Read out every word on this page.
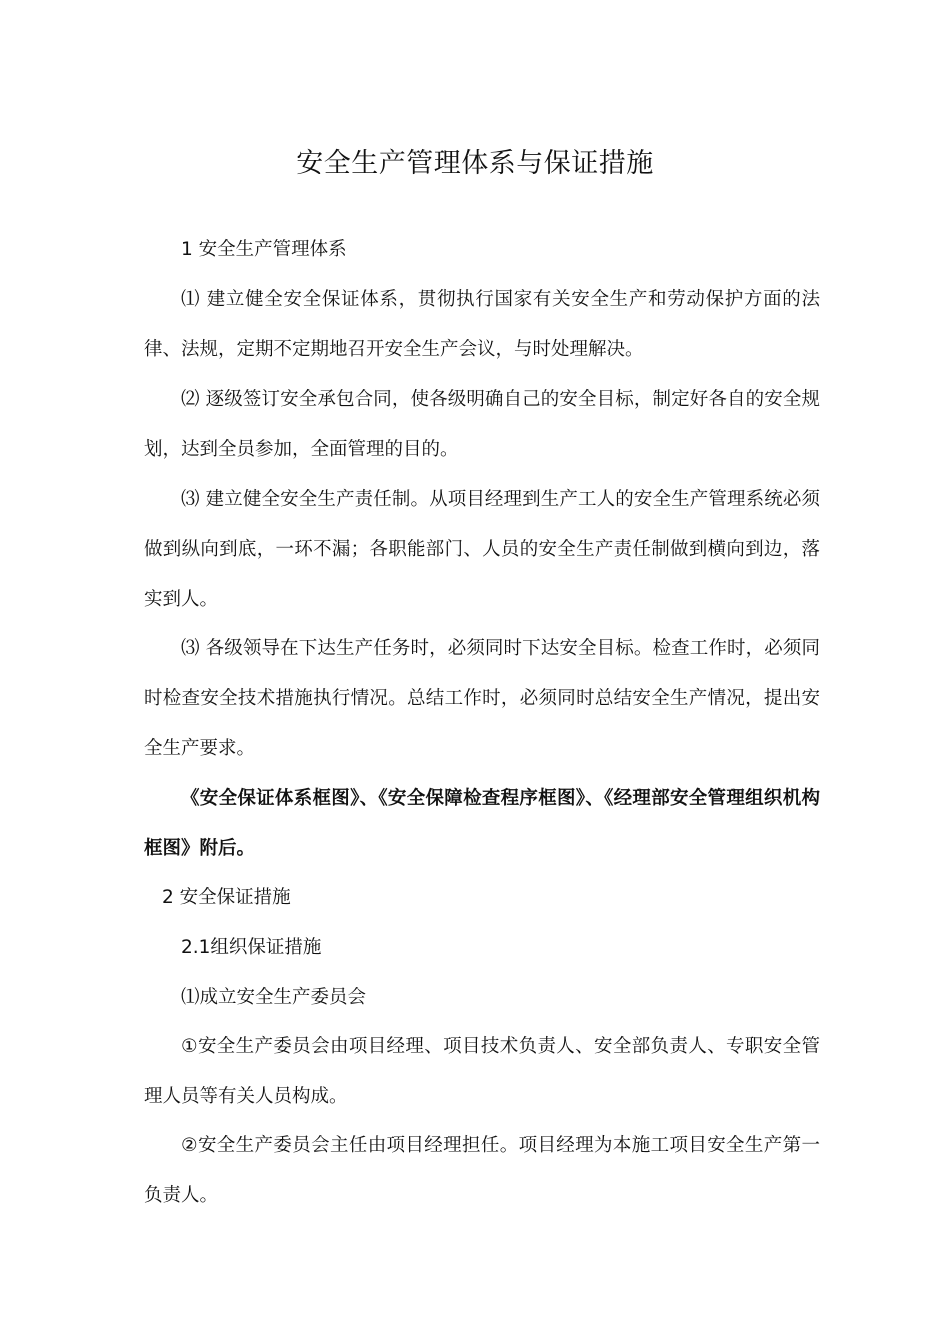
安全生产管理体系与保证措施

1 安全生产管理体系

⑴ 建立健全安全保证体系，贯彻执行国家有关安全生产和劳动保护方面的法律、法规，定期不定期地召开安全生产会议，与时处理解决。

⑵ 逐级签订安全承包合同，使各级明确自己的安全目标，制定好各自的安全规划，达到全员参加，全面管理的目的。

⑶ 建立健全安全生产责任制。从项目经理到生产工人的安全生产管理系统必须做到纵向到底，一环不漏；各职能部门、人员的安全生产责任制做到横向到边，落实到人。

⑶ 各级领导在下达生产任务时，必须同时下达安全目标。检查工作时，必须同时检查安全技术措施执行情况。总结工作时，必须同时总结安全生产情况，提出安全生产要求。

《安全保证体系框图》、《安全保障检查程序框图》、《经理部安全管理组织机构框图》附后。

2 安全保证措施

2.1组织保证措施

⑴成立安全生产委员会

①安全生产委员会由项目经理、项目技术负责人、安全部负责人、专职安全管理人员等有关人员构成。

②安全生产委员会主任由项目经理担任。项目经理为本施工项目安全生产第一负责人。
